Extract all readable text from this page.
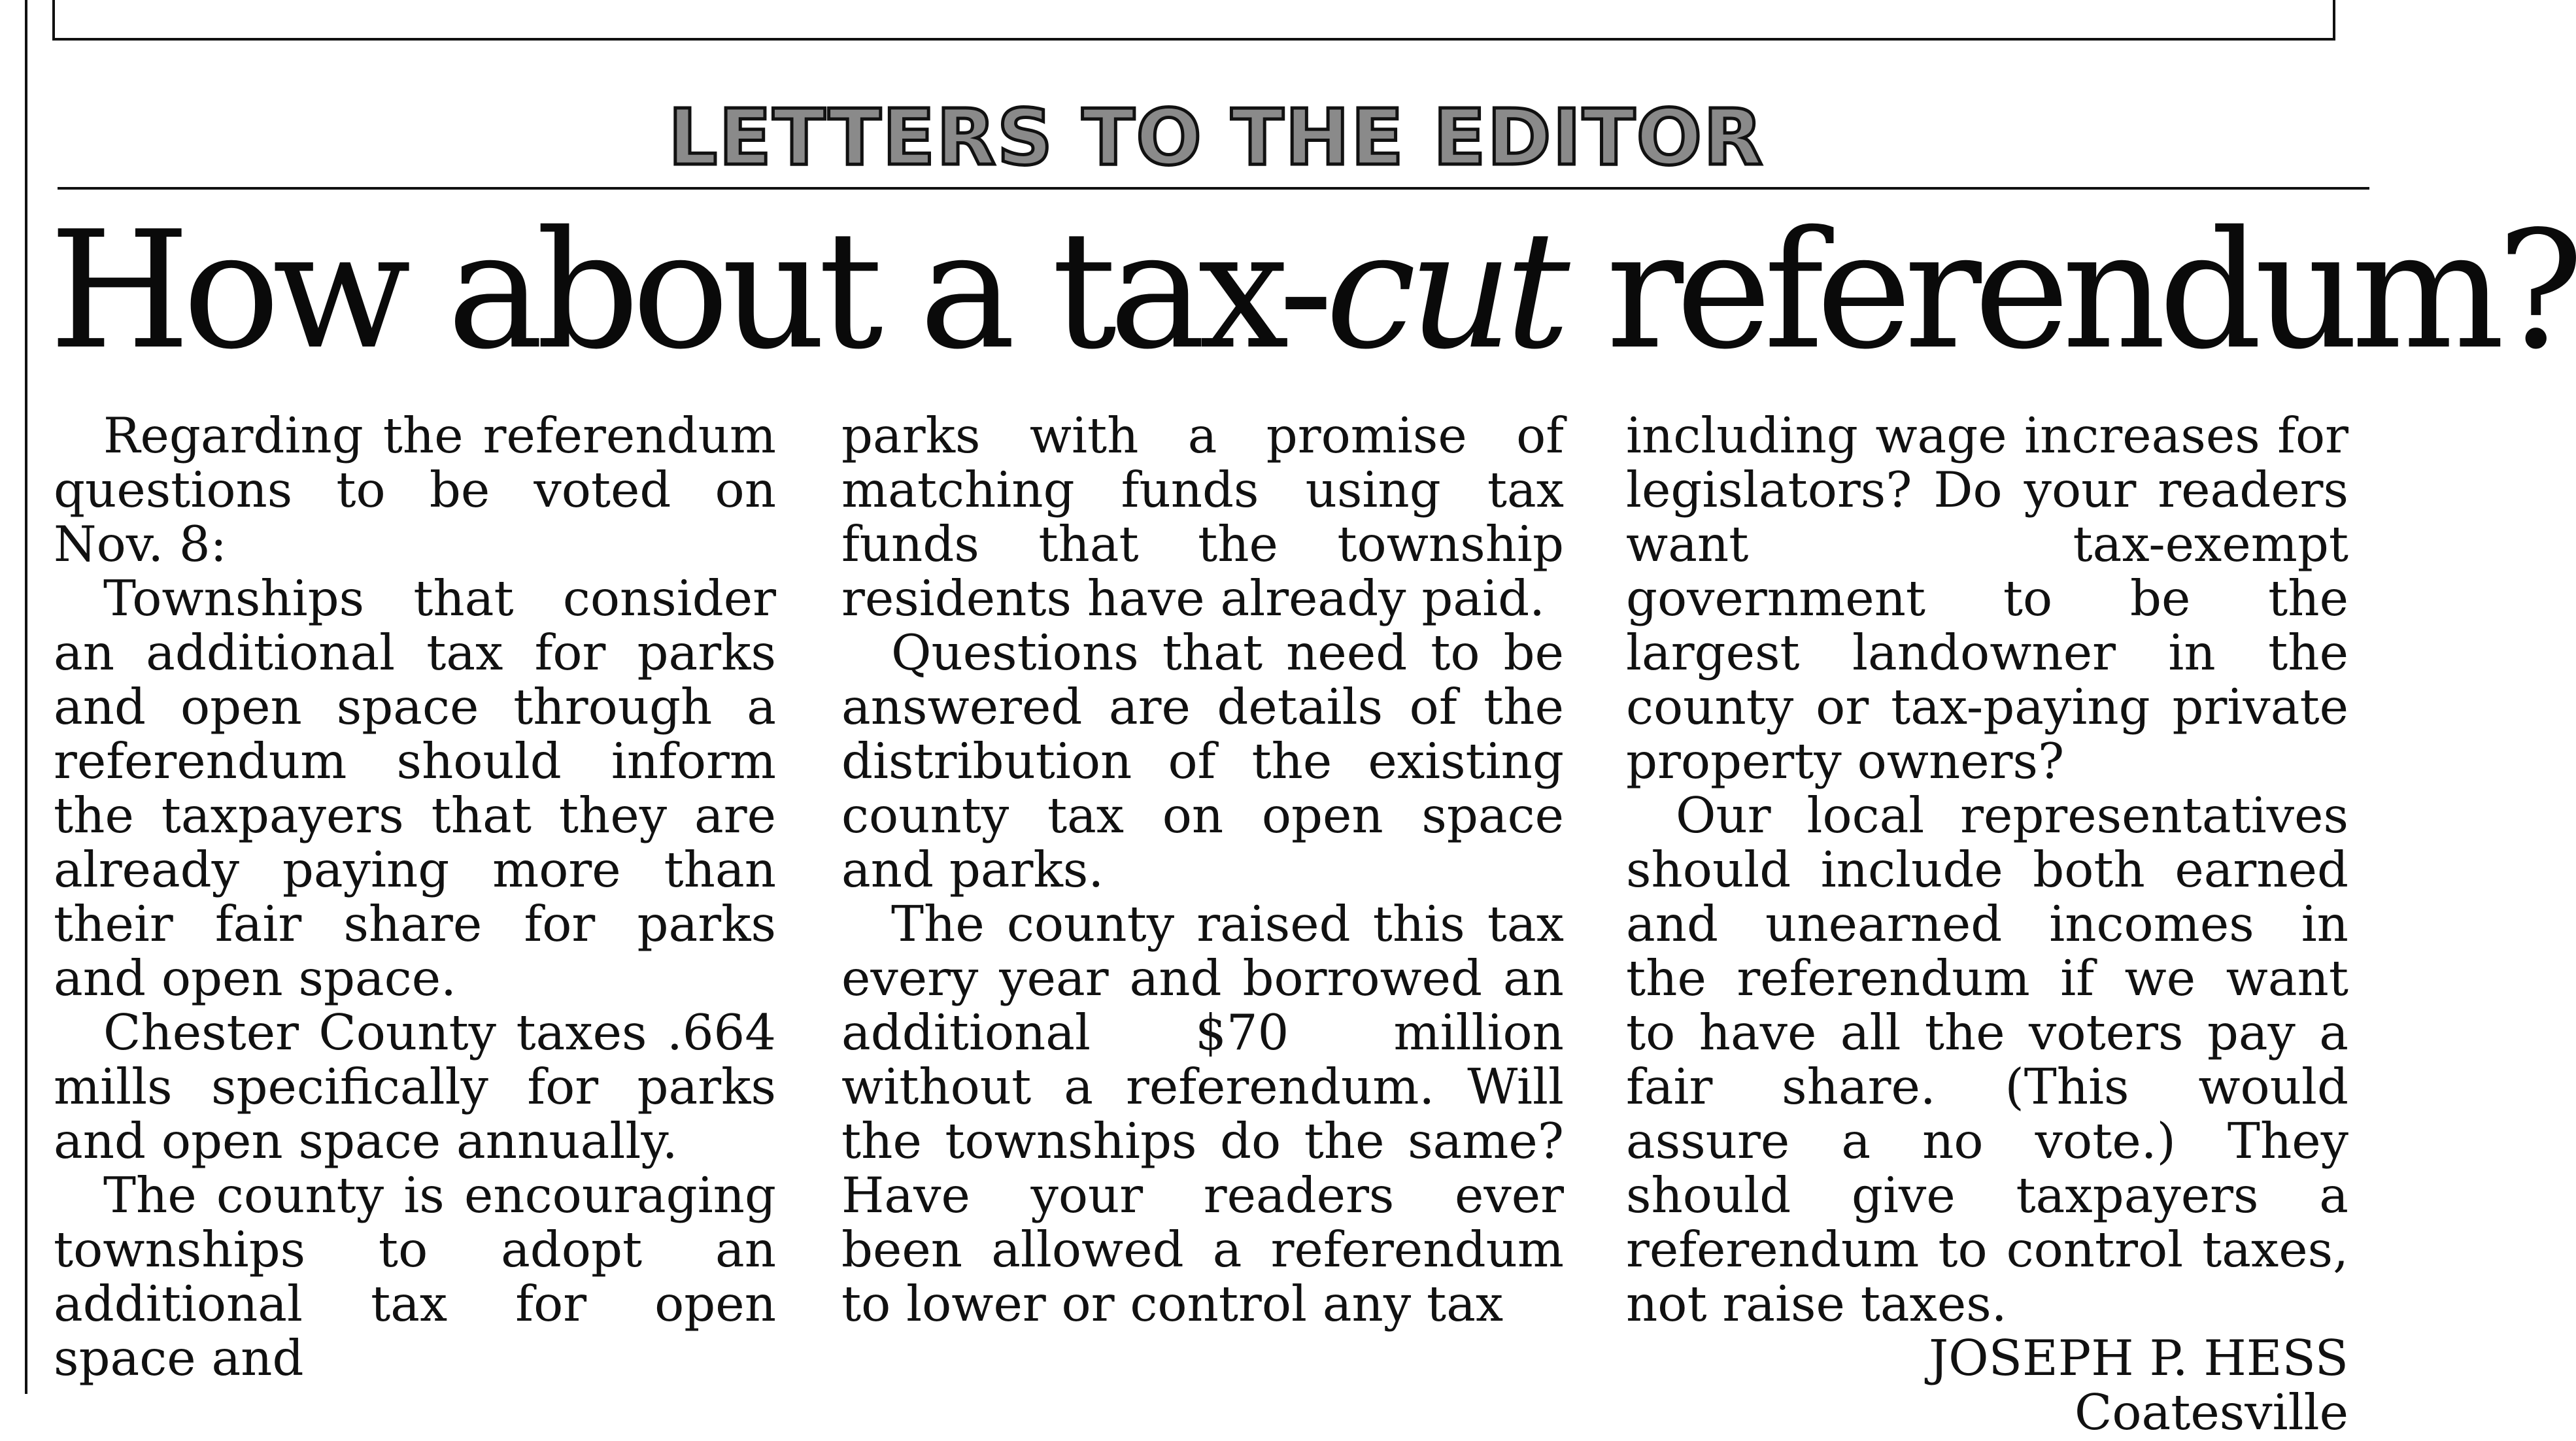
LETTERS TO THE EDITOR
How about a tax-cut referendum?

Regarding the referendum questions to be voted on Nov. 8:

Townships that consider an additional tax for parks and open space through a referendum should inform the taxpayers that they are already paying more than their fair share for parks and open space.

Chester County taxes .664 mills specifically for parks and open space annually.

The county is encouraging townships to adopt an additional tax for open space and

parks with a promise of matching funds using tax funds that the township residents have already paid.

Questions that need to be answered are details of the distribution of the existing county tax on open space and parks.

The county raised this tax every year and borrowed an additional $70 million without a referendum. Will the townships do the same? Have your readers ever been allowed a referendum to lower or control any tax

including wage increases for legislators? Do your readers want tax-exempt government to be the largest landowner in the county or tax-paying private property owners?

Our local representatives should include both earned and unearned incomes in the referendum if we want to have all the voters pay a fair share. (This would assure a no vote.) They should give taxpayers a referendum to control taxes, not raise taxes.

JOSEPH P. HESS

Coatesville
